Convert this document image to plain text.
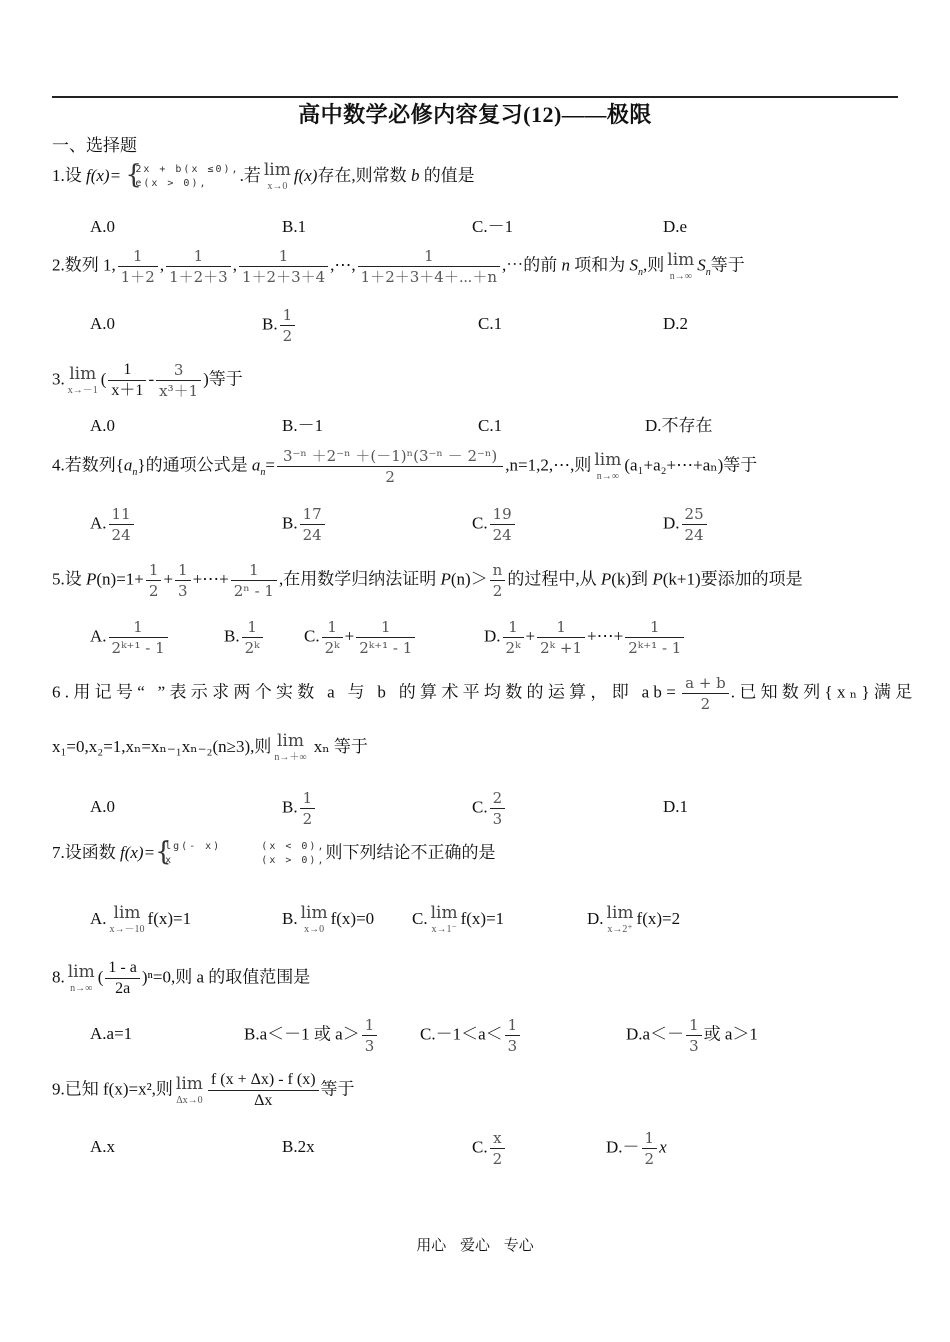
高中数学必修内容复习(12)——极限
一、选择题
1.设 f(x)= { 2x + b(x ≤0),
e(x > 0),	.若 lim
x→0
f(x)存在,则常数 b 的值是
A.0	B.1	C.－1	D.e
2.数列 1, $\frac{1}{1+2}$ , $\frac{1}{1+2+3}$ , $\frac{1}{1+2+3+4}$ ,⋯, $\frac{1}{1+2+3+4+\cdots+n}$ ,⋯的前 n 项和为 $S_n$,则 lim
n→∞
$S_n$等于
A.0	B. $\frac{1}{2}$	C.1	D.2
3. lim
x→－1
( $\frac{1}{x+1} - \frac{3}{\text{x³＋1}}$ )等于
A.0	B.－1	C.1	D.不存在
4.若数列$\{a_n\}$的通项公式是 $a_n= \frac{\text{3⁻ⁿ ＋2⁻ⁿ ＋(－1)ⁿ(3⁻ⁿ － 2⁻ⁿ)}}{2}$ ,n=1,2,⋯,则 lim
n→∞
(a₁+a₂+⋯+aₙ)等于
A. $\frac{11}{24}$	B. $\frac{17}{24}$	C. $\frac{19}{24}$	D. $\frac{25}{24}$
5.设 $P(n)=1+ \frac{1}{2} + \frac{1}{3}$ +⋯+ $\frac{1}{\text{2ⁿ - 1}}$ ,在用数学归纳法证明 $P(n)> \frac{n}{2}$ 的过程中,从 P(k)到 P(k+1)要添加的项是
A. $\frac{1}{\text{2ᵏ⁺¹ - 1}}$	B. $\frac{1}{\text{2ᵏ}} C$. $\frac{1}{\text{2ᵏ}} + \frac{1}{\text{2ᵏ⁺¹ - 1}}$	D. $\frac{1}{\text{2ᵏ}} + \frac{1}{\text{2ᵏ +1}}$ +⋯+ $\frac{1}{\text{2ᵏ⁺¹ - 1}}$
6.用记号“ ”表示求两个实数 a 与 b 的算术平均数的运算，即 $ab= \frac{a + b}{2}$ .已知数列{xₙ}满足
x₁=0,x₂=1,xₙ=xₙ₋₁xₙ₋₂(n≥3),则 lim
n→＋∞
xₙ 等于
A.0	B. $\frac{1}{2}$	C. $\frac{2}{3}$	D.1
7.设函数 f(x)= { lg(- x)     (x < 0),
x           (x > 0), 则下列结论不正确的是
A. lim
x→－10
f(x)=1	B. lim
x→0
f(x)=0 C. lim
x→1⁻
f(x)=1	D. lim
x→2⁺
f(x)=2
8. lim
n→∞
( $\frac{1 - a}{2a} )^n=0$,则 a 的取值范围是
A.a=1	B.a＜－1 或 $a> \frac{1}{3}$	$C.-1<a< \frac{1}{3}$	$D.a<- \frac{1}{3}$ 或 a＞1
9.已知 f(x)=x²,则 lim
$\Delta x\to 0 \frac{f (x + \Delta x) - f (x)}{\Delta x}$ 等于
A.x	B.2x	C. $\frac{x}{2}$	$D.- \frac{1}{2}$ x
用心 爱心 专心
